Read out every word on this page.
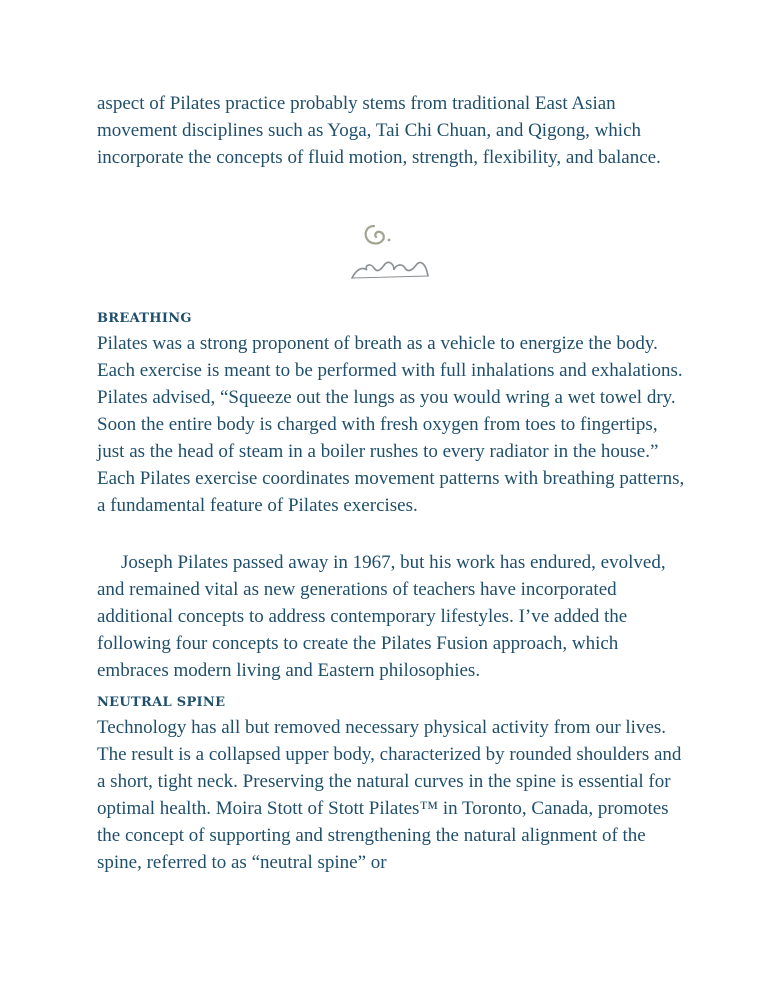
aspect of Pilates practice probably stems from traditional East Asian movement disciplines such as Yoga, Tai Chi Chuan, and Qigong, which incorporate the concepts of fluid motion, strength, flexibility, and balance.

BREATHING

Pilates was a strong proponent of breath as a vehicle to energize the body. Each exercise is meant to be performed with full inhalations and exhalations. Pilates advised, “Squeeze out the lungs as you would wring a wet towel dry. Soon the entire body is charged with fresh oxygen from toes to fingertips, just as the head of steam in a boiler rushes to every radiator in the house.” Each Pilates exercise coordinates movement patterns with breathing patterns, a fundamental feature of Pilates exercises.

Joseph Pilates passed away in 1967, but his work has endured, evolved, and remained vital as new generations of teachers have incorporated additional concepts to address contemporary lifestyles. I’ve added the following four concepts to create the Pilates Fusion approach, which embraces modern living and Eastern philosophies.

NEUTRAL SPINE

Technology has all but removed necessary physical activity from our lives. The result is a collapsed upper body, characterized by rounded shoulders and a short, tight neck. Preserving the natural curves in the spine is essential for optimal health. Moira Stott of Stott Pilates™ in Toronto, Canada, promotes the concept of supporting and strengthening the natural alignment of the spine, referred to as “neutral spine” or
